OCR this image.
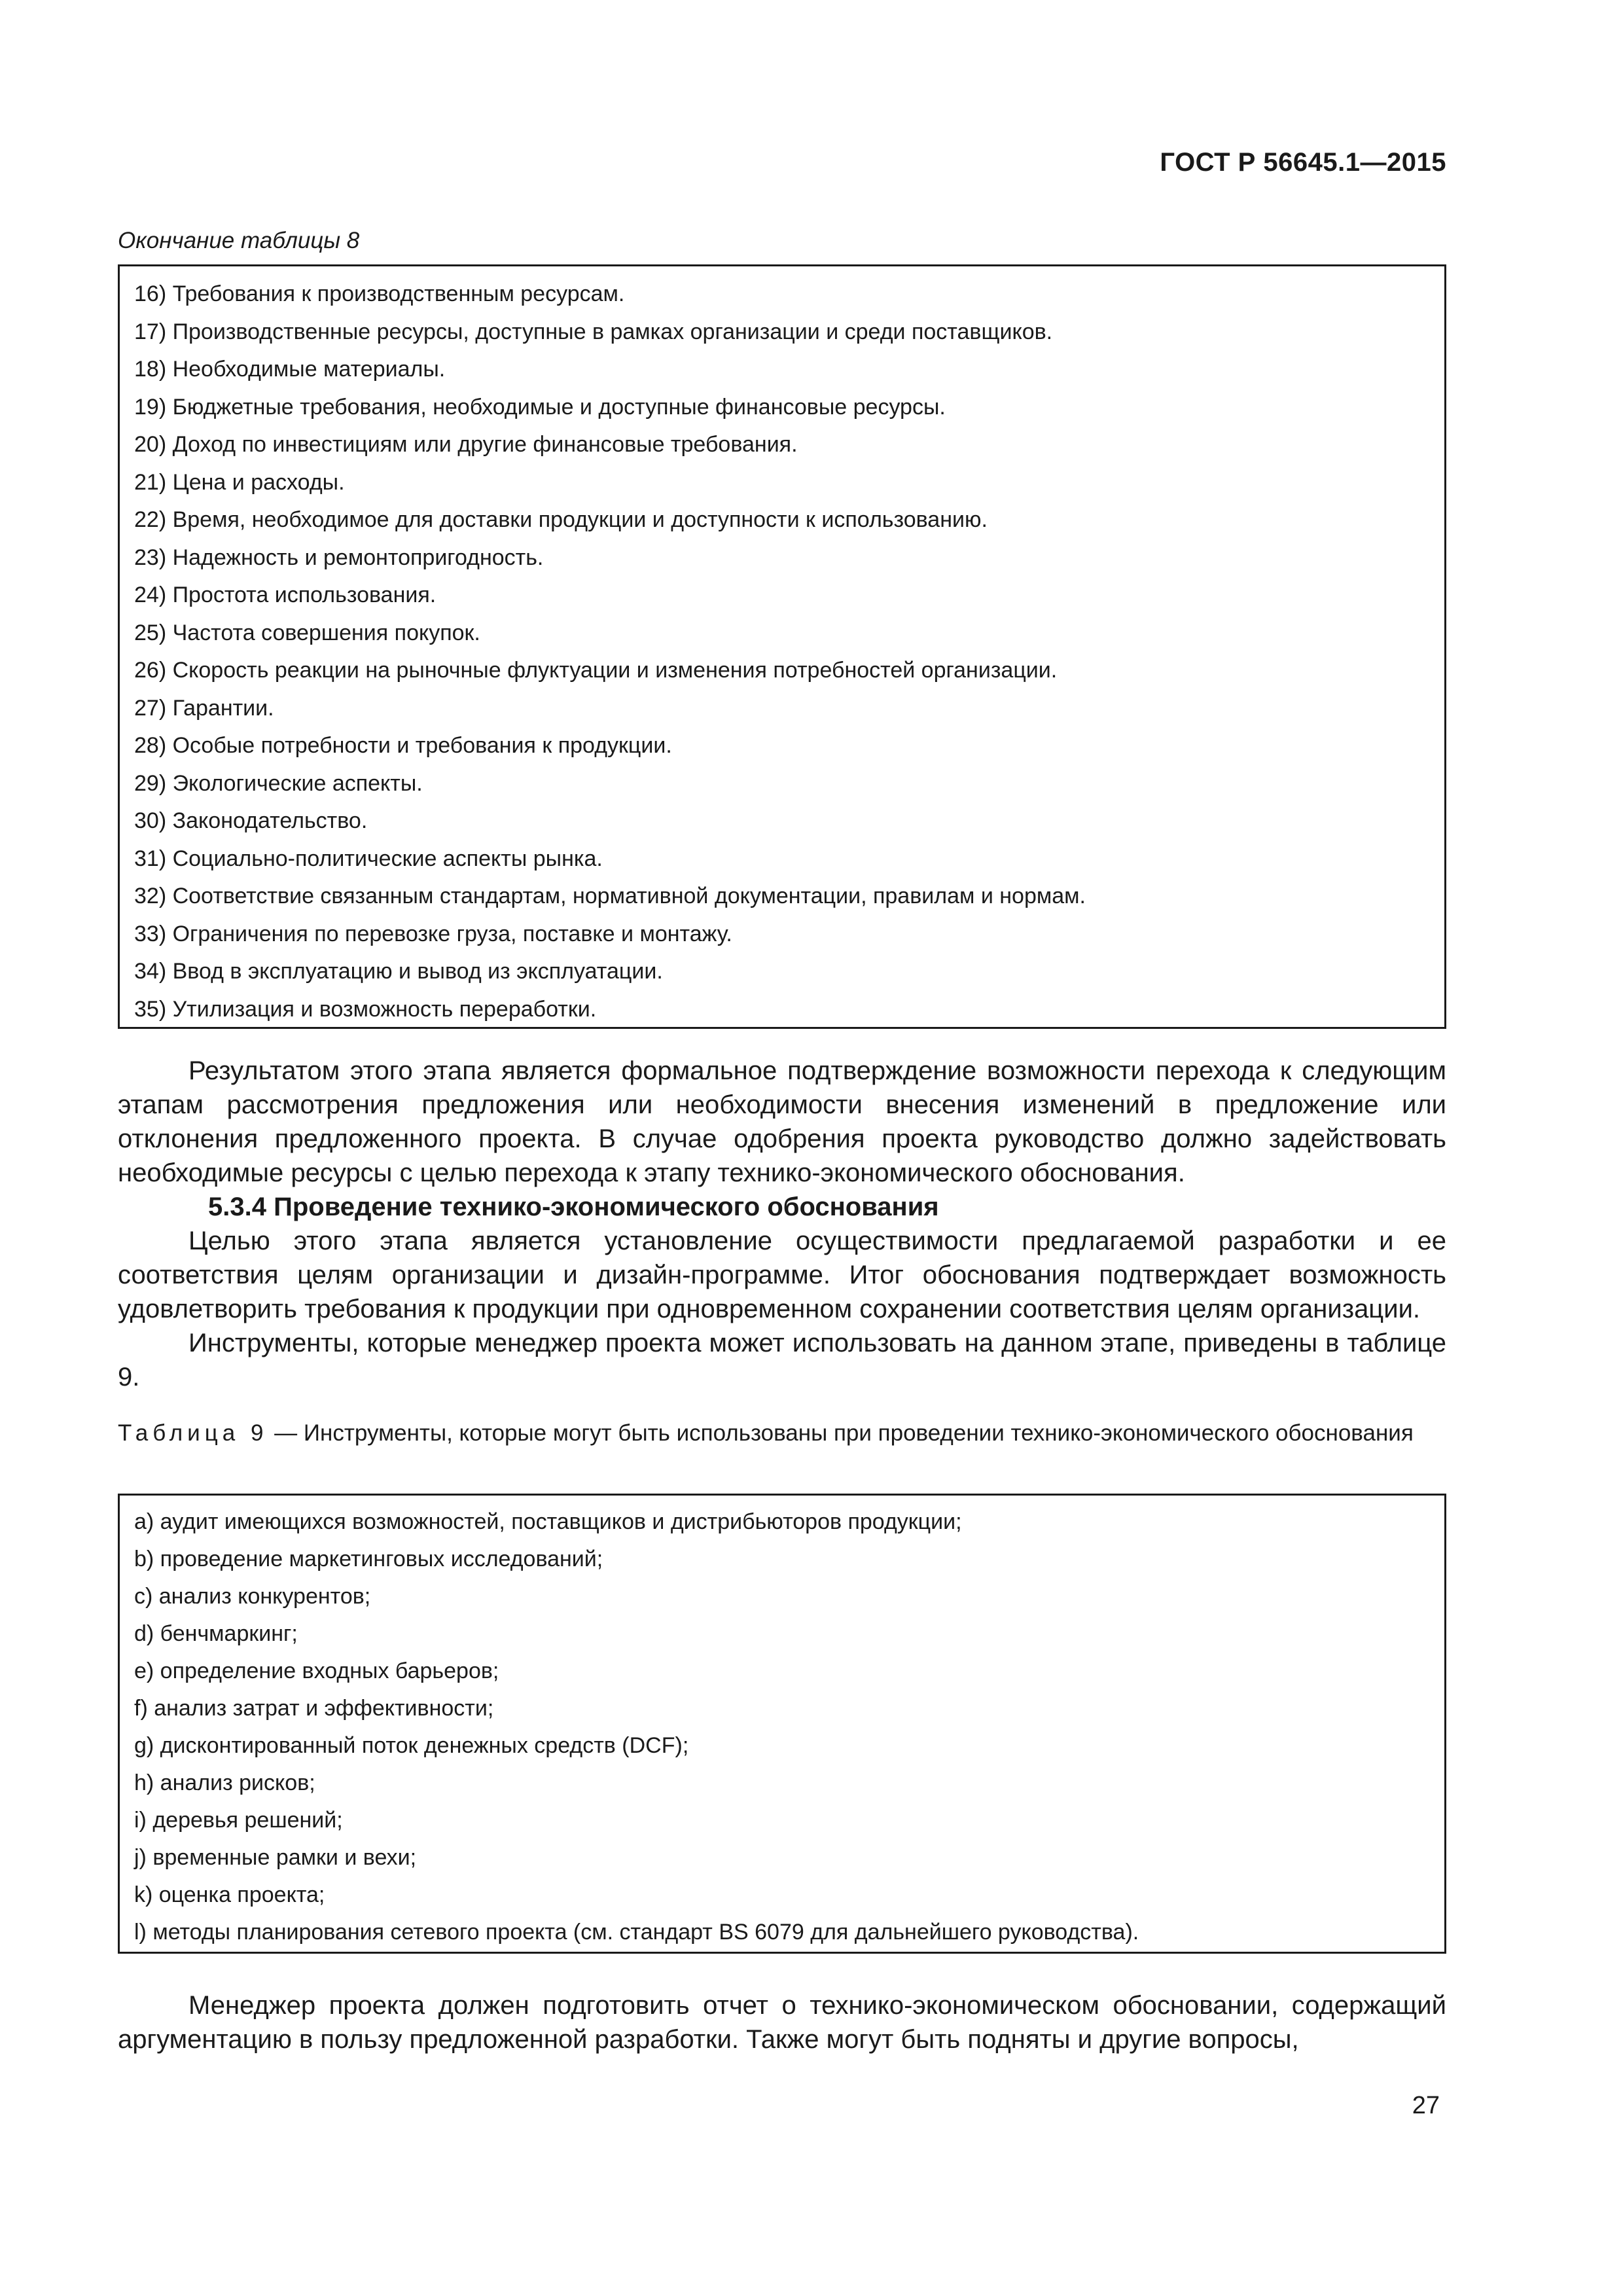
ГОСТ Р 56645.1—2015
Окончание таблицы 8
16) Требования к производственным ресурсам.
17) Производственные ресурсы, доступные в рамках организации и среди поставщиков.
18) Необходимые материалы.
19) Бюджетные требования, необходимые и доступные финансовые ресурсы.
20) Доход по инвестициям или другие финансовые требования.
21) Цена и расходы.
22) Время, необходимое для доставки продукции и доступности к использованию.
23) Надежность и ремонтопригодность.
24) Простота использования.
25) Частота совершения покупок.
26) Скорость реакции на рыночные флуктуации и изменения потребностей организации.
27) Гарантии.
28) Особые потребности и требования к продукции.
29) Экологические аспекты.
30) Законодательство.
31) Социально-политические аспекты рынка.
32) Соответствие связанным стандартам, нормативной документации, правилам и нормам.
33) Ограничения по перевозке груза, поставке и монтажу.
34) Ввод в эксплуатацию и вывод из эксплуатации.
35) Утилизация и возможность переработки.

Результатом этого этапа является формальное подтверждение возможности перехода к следующим этапам рассмотрения предложения или необходимости внесения изменений в предложение или отклонения предложенного проекта. В случае одобрения проекта руководство должно задействовать необходимые ресурсы с целью перехода к этапу технико-экономического обоснования.

5.3.4 Проведение технико-экономического обоснования

Целью этого этапа является установление осуществимости предлагаемой разработки и ее соответствия целям организации и дизайн-программе. Итог обоснования подтверждает возможность удовлетворить требования к продукции при одновременном сохранении соответствия целям организации.

Инструменты, которые менеджер проекта может использовать на данном этапе, приведены в таблице 9.

Таблица 9 — Инструменты, которые могут быть использованы при проведении технико-экономического обоснования
a) аудит имеющихся возможностей, поставщиков и дистрибьюторов продукции;
b) проведение маркетинговых исследований;
c) анализ конкурентов;
d) бенчмаркинг;
e) определение входных барьеров;
f) анализ затрат и эффективности;
g) дисконтированный поток денежных средств (DCF);
h) анализ рисков;
i) деревья решений;
j) временные рамки и вехи;
k) оценка проекта;
l) методы планирования сетевого проекта (см. стандарт BS 6079 для дальнейшего руководства).

Менеджер проекта должен подготовить отчет о технико-экономическом обосновании, содержащий аргументацию в пользу предложенной разработки. Также могут быть подняты и другие вопросы,

27
